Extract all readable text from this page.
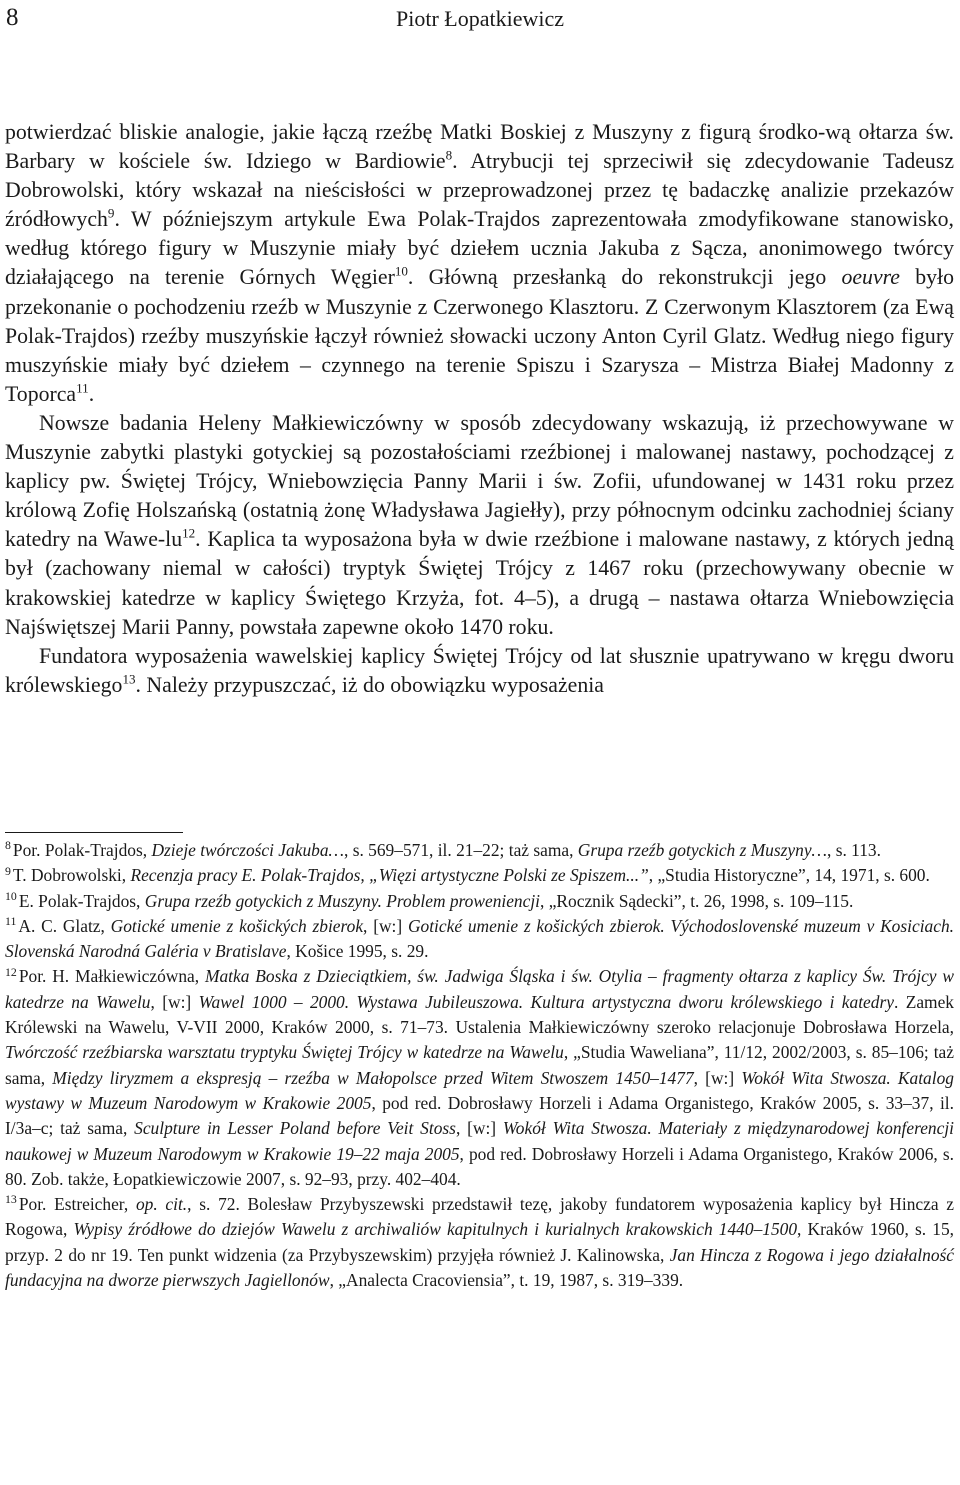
8	Piotr Łopatkiewicz

potwierdzać bliskie analogie, jakie łączą rzeźbę Matki Boskiej z Muszyny z figurą środko-wą ołtarza św. Barbary w kościele św. Idziego w Bardiowie$^8$. Atrybucji tej sprzeciwił się zdecydowanie Tadeusz Dobrowolski, który wskazał na nieścisłości w przeprowadzonej przez tę badaczkę analizie przekazów źródłowych$^9$. W późniejszym artykule Ewa Polak-Trajdos zaprezentowała zmodyfikowane stanowisko, według którego figury w Muszynie miały być dziełem ucznia Jakuba z Sącza, anonimowego twórcy działającego na terenie Górnych Węgier$^{10}$. Główną przesłanką do rekonstrukcji jego oeuvre było przekonanie o pochodzeniu rzeźb w Muszynie z Czerwonego Klasztoru. Z Czerwonym Klasztorem (za Ewą Polak-Trajdos) rzeźby muszyńskie łączył również słowacki uczony Anton Cyril Glatz. Według niego figury muszyńskie miały być dziełem – czynnego na terenie Spiszu i Szarysza – Mistrza Białej Madonny z Toporca$^{11}$.

Nowsze badania Heleny Małkiewiczówny w sposób zdecydowany wskazują, iż przechowywane w Muszynie zabytki plastyki gotyckiej są pozostałościami rzeźbionej i malowanej nastawy, pochodzącej z kaplicy pw. Świętej Trójcy, Wniebowzięcia Panny Marii i św. Zofii, ufundowanej w 1431 roku przez królową Zofię Holszańską (ostatnią żonę Władysława Jagiełły), przy północnym odcinku zachodniej ściany katedry na Wawe-$lu^{12}$. Kaplica ta wyposażona była w dwie rzeźbione i malowane nastawy, z których jedną był (zachowany niemal w całości) tryptyk Świętej Trójcy z 1467 roku (przechowywany obecnie w krakowskiej katedrze w kaplicy Świętego Krzyża, fot. 4–5), a drugą – nastawa ołtarza Wniebowzięcia Najświętszej Marii Panny, powstała zapewne około 1470 roku.

Fundatora wyposażenia wawelskiej kaplicy Świętej Trójcy od lat słusznie upatrywano w kręgu dworu królewskiego$^{13}$. Należy przypuszczać, iż do obowiązku wyposażenia

$^8$ Por. Polak-Trajdos, Dzieje twórczości Jakuba…, s. 569–571, il. 21–22; taż sama, Grupa rzeźb gotyckich z Muszyny…, s. 113.

$^9$ T. Dobrowolski, Recenzja pracy E. Polak-Trajdos, „Więzi artystyczne Polski ze Spiszem...”, „Studia Historyczne”, 14, 1971, s. 600.

$^{10}$ E. Polak-Trajdos, Grupa rzeźb gotyckich z Muszyny. Problem proweniencji, „Rocznik Sądecki”, t. 26, 1998, s. 109–115.

$^{11}$ A. C. Glatz, Gotické umenie z košických zbierok, [w:] Gotické umenie z košických zbierok. Východoslovenské muzeum v Kosiciach. Slovenská Narodná Galéria v Bratislave, Košice 1995, s. 29.

$^{12}$ Por. H. Małkiewiczówna, Matka Boska z Dzieciątkiem, św. Jadwiga Śląska i św. Otylia – fragmenty ołtarza z kaplicy Św. Trójcy w katedrze na Wawelu, [w:] Wawel 1000 – 2000. Wystawa Jubileuszowa. Kultura artystyczna dworu królewskiego i katedry. Zamek Królewski na Wawelu, V-VII 2000, Kraków 2000, s. 71–73. Ustalenia Małkiewiczówny szeroko relacjonuje Dobrosława Horzela, Twórczość rzeźbiarska warsztatu tryptyku Świętej Trójcy w katedrze na Wawelu, „Studia Waweliana”, 11/12, 2002/2003, s. 85–106; taż sama, Między liryzmem a ekspresją – rzeźba w Małopolsce przed Witem Stwoszem 1450–1477, [w:] Wokół Wita Stwosza. Katalog wystawy w Muzeum Narodowym w Krakowie 2005, pod red. Dobrosławy Horzeli i Adama Organistego, Kraków 2005, s. 33–37, il. I/3a–c; taż sama, Sculpture in Lesser Poland before Veit Stoss, [w:] Wokół Wita Stwosza. Materiały z międzynarodowej konferencji naukowej w Muzeum Narodowym w Krakowie 19–22 maja 2005, pod red. Dobrosławy Horzeli i Adama Organistego, Kraków 2006, s. 80. Zob. także, Łopatkiewiczowie 2007, s. 92–93, przy. 402–404.

$^{13}$ Por. Estreicher, op. cit., s. 72. Bolesław Przybyszewski przedstawił tezę, jakoby fundatorem wyposażenia kaplicy był Hincza z Rogowa, Wypisy źródłowe do dziejów Wawelu z archiwaliów kapitulnych i kurialnych krakowskich 1440–1500, Kraków 1960, s. 15, przyp. 2 do nr 19. Ten punkt widzenia (za Przybyszewskim) przyjęła również J. Kalinowska, Jan Hincza z Rogowa i jego działalność fundacyjna na dworze pierwszych Jagiellonów, „Analecta Cracoviensia”, t. 19, 1987, s. 319–339.
